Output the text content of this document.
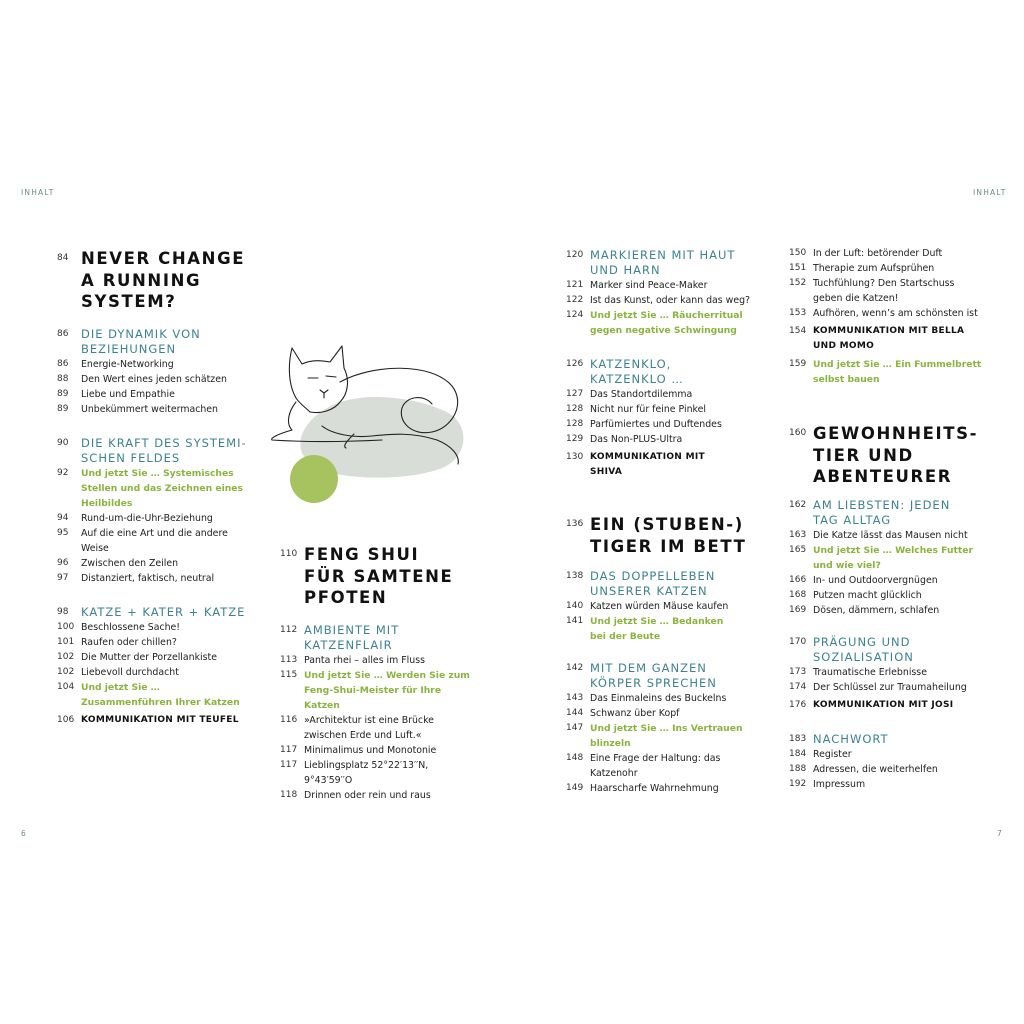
INHALT	INHALT
6	7
84 NEVER CHANGE
A RUNNING
SYSTEM?
86	DIE DYNAMIK VON
BEZIEHUNGEN
86	Energie-Networking
88	Den Wert eines jeden schätzen
89	Liebe und Empathie
89	Unbekümmert weitermachen
90	DIE KRAFT DES SYSTEMI-
SCHEN FELDES
92	Und jetzt Sie … Systemisches
Stellen und das Zeichnen eines
Heilbildes
94	Rund-um-die-Uhr-Beziehung
95	Auf die eine Art und die andere
Weise
96	Zwischen den Zeilen
97	Distanziert, faktisch, neutral
98	KATZE + KATER + KATZE
100 Beschlossene Sache!
101 Raufen oder chillen?
102 Die Mutter der Porzellankiste
102 Liebevoll durchdacht
104 Und jetzt Sie …
Zusammenführen Ihrer Katzen
106 KOMMUNIKATION MIT TEUFEL
110 FENG SHUI
FÜR SAMTENE
PFOTEN
112 AMBIENTE MIT
KATZENFLAIR
113 Panta rhei – alles im Fluss
115 Und jetzt Sie … Werden Sie zum
Feng-Shui-Meister für Ihre
Katzen
116 »Architektur ist eine Brücke
zwischen Erde und Luft.«
117 Minimalimus und Monotonie
117 Lieblingsplatz 52°22′13′′N,
9°43′59′′O
118 Drinnen oder rein und raus
120 MARKIEREN MIT HAUT
UND HARN
121 Marker sind Peace-Maker
122 Ist das Kunst, oder kann das weg?
124 Und jetzt Sie … Räucherritual
gegen negative Schwingung
126 KATZENKLO,
KATZENKLO …
127 Das Standortdilemma
128 Nicht nur für feine Pinkel
128 Parfümiertes und Duftendes
129 Das Non-PLUS-Ultra
130 KOMMUNIKATION MIT
SHIVA
136 EIN (STUBEN-)
TIGER IM BETT
138 DAS DOPPELLEBEN
UNSERER KATZEN
140 Katzen würden Mäuse kaufen
141 Und jetzt Sie … Bedanken
bei der Beute
142 MIT DEM GANZEN
KÖRPER SPRECHEN
143 Das Einmaleins des Buckelns
144 Schwanz über Kopf
147 Und jetzt Sie … Ins Vertrauen
blinzeln
148 Eine Frage der Haltung: das
Katzenohr
149 Haarscharfe Wahrnehmung
150 In der Luft: betörender Duft
151 Therapie zum Aufsprühen
152 Tuchfühlung? Den Startschuss
geben die Katzen!
153 Aufhören, wenn’s am schönsten ist
154 KOMMUNIKATION MIT BELLA
UND MOMO
159 Und jetzt Sie … Ein Fummelbrett
selbst bauen
160 GEWOHNHEITS-
TIER UND
ABENTEURER
162 AM LIEBSTEN: JEDEN
TAG ALLTAG
163 Die Katze lässt das Mausen nicht
165 Und jetzt Sie … Welches Futter
und wie viel?
166 In- und Outdoorvergnügen
168 Putzen macht glücklich
169 Dösen, dämmern, schlafen
170 PRÄGUNG UND
SOZIALISATION
173 Traumatische Erlebnisse
174 Der Schlüssel zur Traumaheilung
176 KOMMUNIKATION MIT JOSI
183 NACHWORT
184 Register
188 Adressen, die weiterhelfen
192 Impressum
